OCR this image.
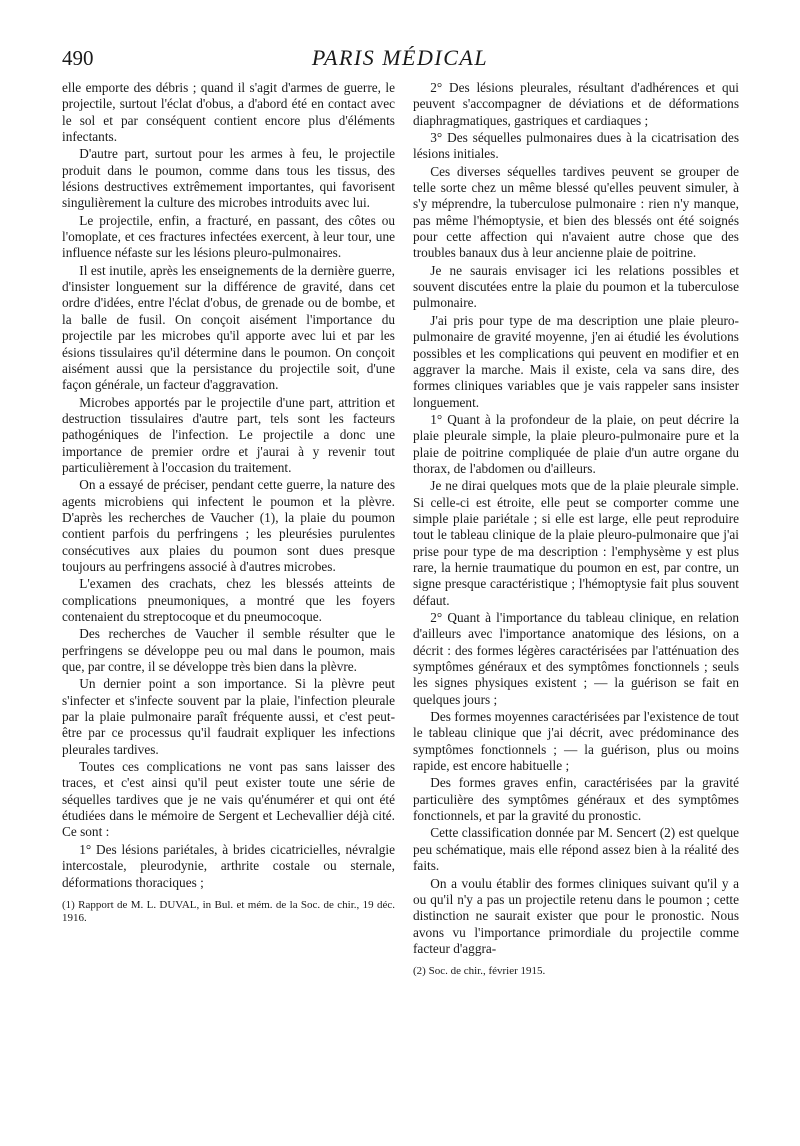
490	PARIS MÉDICAL

elle emporte des débris ; quand il s'agit d'armes de guerre, le projectile, surtout l'éclat d'obus, a d'abord été en contact avec le sol et par conséquent contient encore plus d'éléments infectants.

D'autre part, surtout pour les armes à feu, le projectile produit dans le poumon, comme dans tous les tissus, des lésions destructives extrêmement importantes, qui favorisent singulièrement la culture des microbes introduits avec lui.

Le projectile, enfin, a fracturé, en passant, des côtes ou l'omoplate, et ces fractures infectées exercent, à leur tour, une influence néfaste sur les lésions pleuro-pulmonaires.

Il est inutile, après les enseignements de la dernière guerre, d'insister longuement sur la différence de gravité, dans cet ordre d'idées, entre l'éclat d'obus, de grenade ou de bombe, et la balle de fusil. On conçoit aisément l'importance du projectile par les microbes qu'il apporte avec lui et par les ésions tissulaires qu'il détermine dans le poumon. On conçoit aisément aussi que la persistance du projectile soit, d'une façon générale, un facteur d'aggravation.

Microbes apportés par le projectile d'une part, attrition et destruction tissulaires d'autre part, tels sont les facteurs pathogéniques de l'infection. Le projectile a donc une importance de premier ordre et j'aurai à y revenir tout particulièrement à l'occasion du traitement.

On a essayé de préciser, pendant cette guerre, la nature des agents microbiens qui infectent le poumon et la plèvre. D'après les recherches de Vaucher (1), la plaie du poumon contient parfois du perfringens ; les pleurésies purulentes consécutives aux plaies du poumon sont dues presque toujours au perfringens associé à d'autres microbes.

L'examen des crachats, chez les blessés atteints de complications pneumoniques, a montré que les foyers contenaient du streptocoque et du pneumocoque.

Des recherches de Vaucher il semble résulter que le perfringens se développe peu ou mal dans le poumon, mais que, par contre, il se développe très bien dans la plèvre.

Un dernier point a son importance. Si la plèvre peut s'infecter et s'infecte souvent par la plaie, l'infection pleurale par la plaie pulmonaire paraît fréquente aussi, et c'est peut-être par ce processus qu'il faudrait expliquer les infections pleurales tardives.

Toutes ces complications ne vont pas sans laisser des traces, et c'est ainsi qu'il peut exister toute une série de séquelles tardives que je ne vais qu'énumérer et qui ont été étudiées dans le mémoire de Sergent et Lechevallier déjà cité. Ce sont :

1° Des lésions pariétales, à brides cicatricielles, névralgie intercostale, pleurodynie, arthrite costale ou sternale, déformations thoraciques ;

(1) Rapport de M. L. DUVAL, in Bul. et mém. de la Soc. de chir., 19 déc. 1916.

2° Des lésions pleurales, résultant d'adhérences et qui peuvent s'accompagner de déviations et de déformations diaphragmatiques, gastriques et cardiaques ;

3° Des séquelles pulmonaires dues à la cicatrisation des lésions initiales.

Ces diverses séquelles tardives peuvent se grouper de telle sorte chez un même blessé qu'elles peuvent simuler, à s'y méprendre, la tuberculose pulmonaire : rien n'y manque, pas même l'hémoptysie, et bien des blessés ont été soignés pour cette affection qui n'avaient autre chose que des troubles banaux dus à leur ancienne plaie de poitrine.

Je ne saurais envisager ici les relations possibles et souvent discutées entre la plaie du poumon et la tuberculose pulmonaire.

J'ai pris pour type de ma description une plaie pleuro-pulmonaire de gravité moyenne, j'en ai étudié les évolutions possibles et les complications qui peuvent en modifier et en aggraver la marche. Mais il existe, cela va sans dire, des formes cliniques variables que je vais rappeler sans insister longuement.

1° Quant à la profondeur de la plaie, on peut décrire la plaie pleurale simple, la plaie pleuro-pulmonaire pure et la plaie de poitrine compliquée de plaie d'un autre organe du thorax, de l'abdomen ou d'ailleurs.

Je ne dirai quelques mots que de la plaie pleurale simple. Si celle-ci est étroite, elle peut se comporter comme une simple plaie pariétale ; si elle est large, elle peut reproduire tout le tableau clinique de la plaie pleuro-pulmonaire que j'ai prise pour type de ma description : l'emphysème y est plus rare, la hernie traumatique du poumon en est, par contre, un signe presque caractéristique ; l'hémoptysie fait plus souvent défaut.

2° Quant à l'importance du tableau clinique, en relation d'ailleurs avec l'importance anatomique des lésions, on a décrit : des formes légères caractérisées par l'atténuation des symptômes généraux et des symptômes fonctionnels ; seuls les signes physiques existent ; — la guérison se fait en quelques jours ;

Des formes moyennes caractérisées par l'existence de tout le tableau clinique que j'ai décrit, avec prédominance des symptômes fonctionnels ; — la guérison, plus ou moins rapide, est encore habituelle ;

Des formes graves enfin, caractérisées par la gravité particulière des symptômes généraux et des symptômes fonctionnels, et par la gravité du pronostic.

Cette classification donnée par M. Sencert (2) est quelque peu schématique, mais elle répond assez bien à la réalité des faits.

On a voulu établir des formes cliniques suivant qu'il y a ou qu'il n'y a pas un projectile retenu dans le poumon ; cette distinction ne saurait exister que pour le pronostic. Nous avons vu l'importance primordiale du projectile comme facteur d'aggra-

(2) Soc. de chir., février 1915.
